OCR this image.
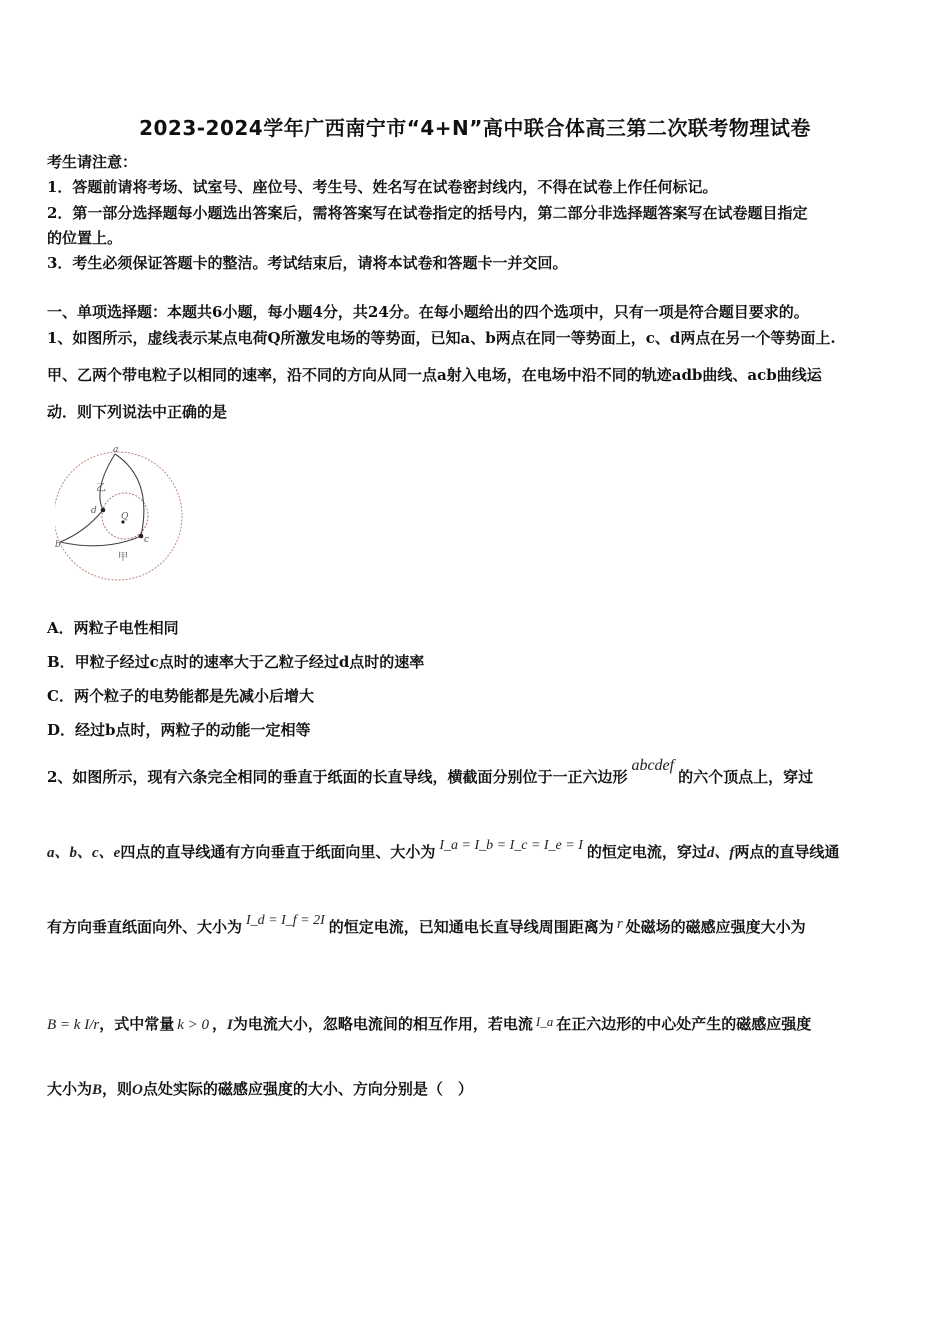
2023-2024学年广西南宁市“4+N”高中联合体高三第二次联考物理试卷
考生请注意：
1．答题前请将考场、试室号、座位号、考生号、姓名写在试卷密封线内，不得在试卷上作任何标记。
2．第一部分选择题每小题选出答案后，需将答案写在试卷指定的括号内，第二部分非选择题答案写在试卷题目指定
的位置上。
3．考生必须保证答题卡的整洁。考试结束后，请将本试卷和答题卡一并交回。
一、单项选择题：本题共6小题，每小题4分，共24分。在每小题给出的四个选项中，只有一项是符合题目要求的。
1、如图所示，虚线表示某点电荷Q所激发电场的等势面，已知a、b两点在同一等势面上，c、d两点在另一个等势面上.
甲、乙两个带电粒子以相同的速率，沿不同的方向从同一点a射入电场，在电场中沿不同的轨迹adb曲线、acb曲线运
动．则下列说法中正确的是
a
b	c
d
Q
乙
甲
A．两粒子电性相同
B．甲粒子经过c点时的速率大于乙粒子经过d点时的速率
C．两个粒子的电势能都是先减小后增大
D．经过b点时，两粒子的动能一定相等
2、如图所示，现有六条完全相同的垂直于纸面的长直导线，横截面分别位于一正六边形abcdef的六个顶点上，穿过
a、b、c、e四点的直导线通有方向垂直于纸面向里、大小为 I_a = I_b = I_c = I_e = I 的恒定电流，穿过d、f两点的直导线通
有方向垂直纸面向外、大小为 I_d = I_f = 2I 的恒定电流，已知通电长直导线周围距离为 r 处磁场的磁感应强度大小为
B = k I/r，式中常量 k > 0 ，I为电流大小，忽略电流间的相互作用，若电流 I_a 在正六边形的中心处产生的磁感应强度
大小为B，则O点处实际的磁感应强度的大小、方向分别是（　）
